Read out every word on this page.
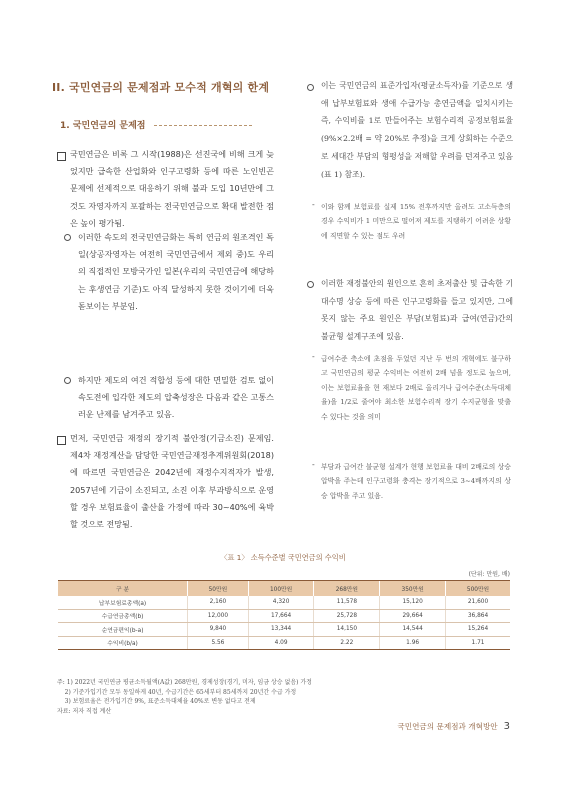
II. 국민연금의 문제점과 모수적 개혁의 한계
1. 국민연금의 문제점
국민연금은 비록 그 시작(1988)은 선진국에 비해 크게 늦었지만 급속한 산업화와 인구고령화 등에 따른 노인빈곤 문제에 선제적으로 대응하기 위해 불과 도입 10년만에 그것도 자영자까지 포괄하는 전국민연금으로 확대 발전한 점은 높이 평가됨.
이러한 속도의 전국민연금화는 특히 연금의 원조격인 독일(상공자영자는 여전히 국민연금에서 제외 중)도 우리의 직접적인 모방국가인 일본(우리의 국민연금에 해당하는 후생연금 기준)도 아직 달성하지 못한 것이기에 더욱 돋보이는 부분임.
하지만 제도의 여건 적합성 등에 대한 면밀한 검토 없이 속도전에 입각한 제도의 압축성장은 다음과 같은 고통스러운 난제를 남겨주고 있음.
먼저, 국민연금 재정의 장기적 불안정(기금소진) 문제임. 제4차 재정계산을 담당한 국민연금재정추계위원회(2018)에 따르면 국민연금은 2042년에 재정수지적자가 발생, 2057년에 기금이 소진되고, 소진 이후 부과방식으로 운영할 경우 보험료율이 출산율 가정에 따라 30~40%에 육박할 것으로 전망됨.
이는 국민연금의 표준가입자(평균소득자)를 기준으로 생애 납부보험료와 생애 수급가능 총연금액을 일치시키는 즉, 수익비를 1로 만들어주는 보험수리적 공정보험료율(9%×2.2배 = 약 20%로 추정)을 크게 상회하는 수준으로 세대간 부담의 형평성을 저해할 우려를 던져주고 있음(표 1) 참조).
- 이와 함께 보험료를 실제 15% 전후까지만 올려도 고소득층의 경우 수익비가 1 미만으로 떨어져 제도를 지탱하기 어려운 상황에 직면할 수 있는 점도 우려
이러한 재정불안의 원인으로 흔히 초저출산 및 급속한 기대수명 상승 등에 따른 인구고령화를 들고 있지만, 그에 못지 않는 주요 원인은 부담(보험료)과 급여(연금)간의 불균형 설계구조에 있음.
- 급여수준 축소에 초점을 두었던 지난 두 번의 개혁에도 불구하고 국민연금의 평균 수익비는 여전히 2배 넘을 정도로 높으며, 이는 보험료율을 현 재보다 2배로 올리거나 급여수준(소득대체율)을 1/2로 줄여야 최소한 보험수리적 장기 수지균형을 맞출 수 있다는 것을 의미
- 부담과 급여간 불균형 설계가 현행 보험료율 대비 2배로의 상승 압박을 주는데 인구고령화 충격는 장기적으로 3~4배까지의 상승 압박을 주고 있음.
〈표 1〉 소득수준별 국민연금의 수익비
(단위: 만원, 배)
구 분	50만원	100만원	268만원	350만원	500만원
납부보험료총액(a)	2,160	4,320	11,578	15,120	21,600
수급연금총액(b)	12,000	17,664	25,728	29,664	36,864
순연금편익(b-a)	9,840	13,344	14,150	14,544	15,264
수익비(b/a)	5.56	4.09	2.22	1.96	1.71
주: 1) 2022년 국민연금 평균소득월액(A값) 268만원, 경제성장(경기, 미자, 임금 상승 없음) 가정
2) 기준가입기간 모두 동일하게 40년, 수급기간은 65세부터 85세까지 20년간 수급 가정
3) 보험료율은 전가입기간 9%, 표준소득대체율 40%로 변동 없다고 전제
자료: 저자 직접 계산
국민연금의 문제점과 개혁방안 3
